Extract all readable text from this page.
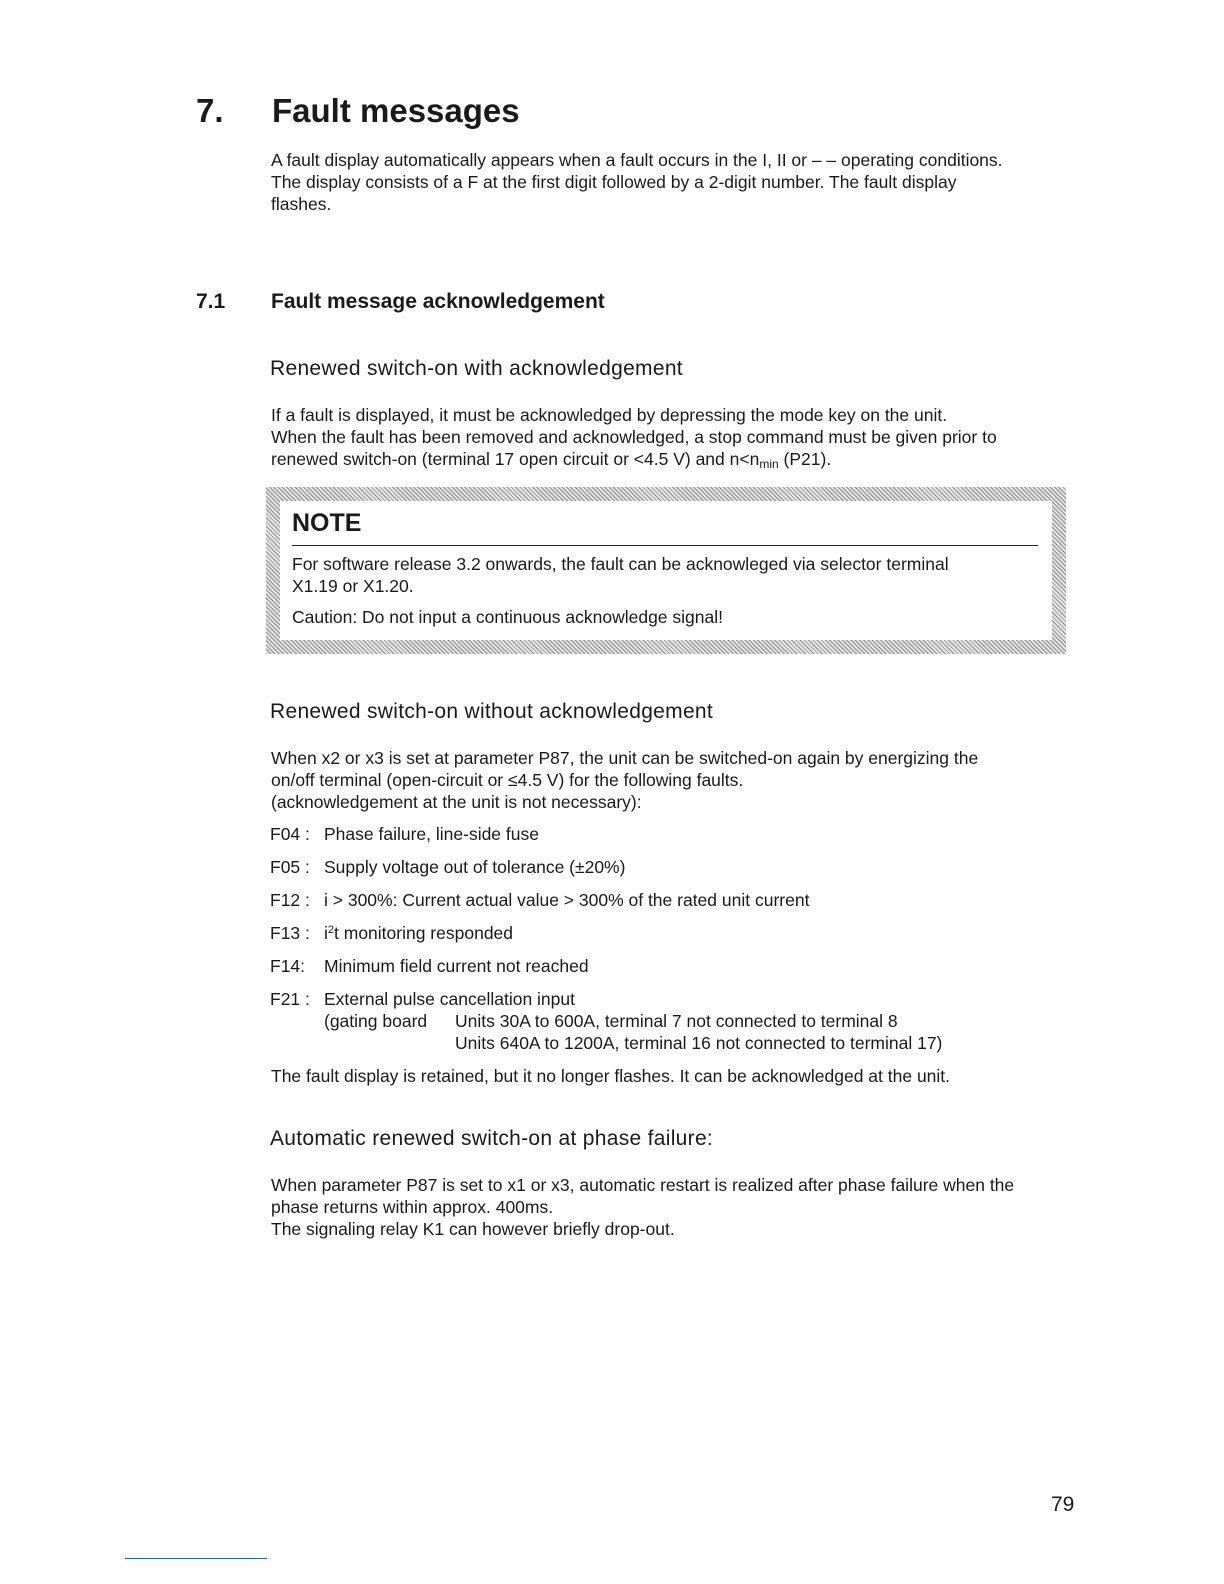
7. Fault messages
A fault display automatically appears when a fault occurs in the I, II or – – operating conditions.
The display consists of a F at the first digit followed by a 2-digit number. The fault display
flashes.
7.1 Fault message acknowledgement
Renewed switch-on with acknowledgement
If a fault is displayed, it must be acknowledged by depressing the mode key on the unit.
When the fault has been removed and acknowledged, a stop command must be given prior to
renewed switch-on (terminal 17 open circuit or <4.5 V) and $n<n_{min}$ (P21).
NOTE
For software release 3.2 onwards, the fault can be acknowleged via selector terminal
X1.19 or X1.20.
Caution: Do not input a continuous acknowledge signal!
Renewed switch-on without acknowledgement
When x2 or x3 is set at parameter P87, the unit can be switched-on again by energizing the
on/off terminal (open-circuit or ≤4.5 V) for the following faults.
(acknowledgement at the unit is not necessary):
F04 : Phase failure, line-side fuse
F05 : Supply voltage out of tolerance (±20%)
F12 : i > 300%: Current actual value > 300% of the rated unit current
F13 : $i^2t$ monitoring responded
F14:	Minimum field current not reached
F21 : External pulse cancellation input
(gating board Units 30A to 600A, terminal 7 not connected to terminal 8
Units 640A to 1200A, terminal 16 not connected to terminal 17)
The fault display is retained, but it no longer flashes. It can be acknowledged at the unit.
Automatic renewed switch-on at phase failure:
When parameter P87 is set to x1 or x3, automatic restart is realized after phase failure when the
phase returns within approx. 400ms.
The signaling relay K1 can however briefly drop-out.
79
